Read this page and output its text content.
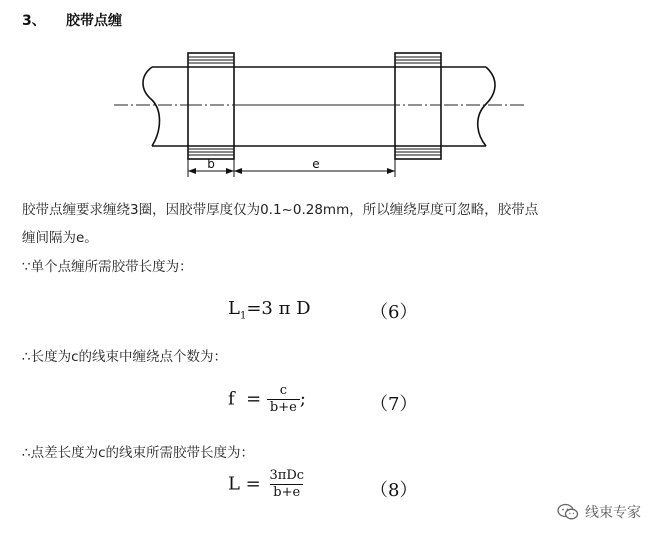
3、 胶带点缠
b	e
胶带点缠要求缠绕3圈，因胶带厚度仅为0.1~0.28mm，所以缠绕厚度可忽略，胶带点
缠间隔为e。
∵单个点缠所需胶带长度为：
$L_1=3$ π D	（6）
∴长度为c的线束中缠绕点个数为：
$f = \frac{c}{b+e}$ ;	（7）
∴点差长度为c的线束所需胶带长度为：
$L = \frac{\text{3πDc}}{b+e}$	（8）
线束专家
